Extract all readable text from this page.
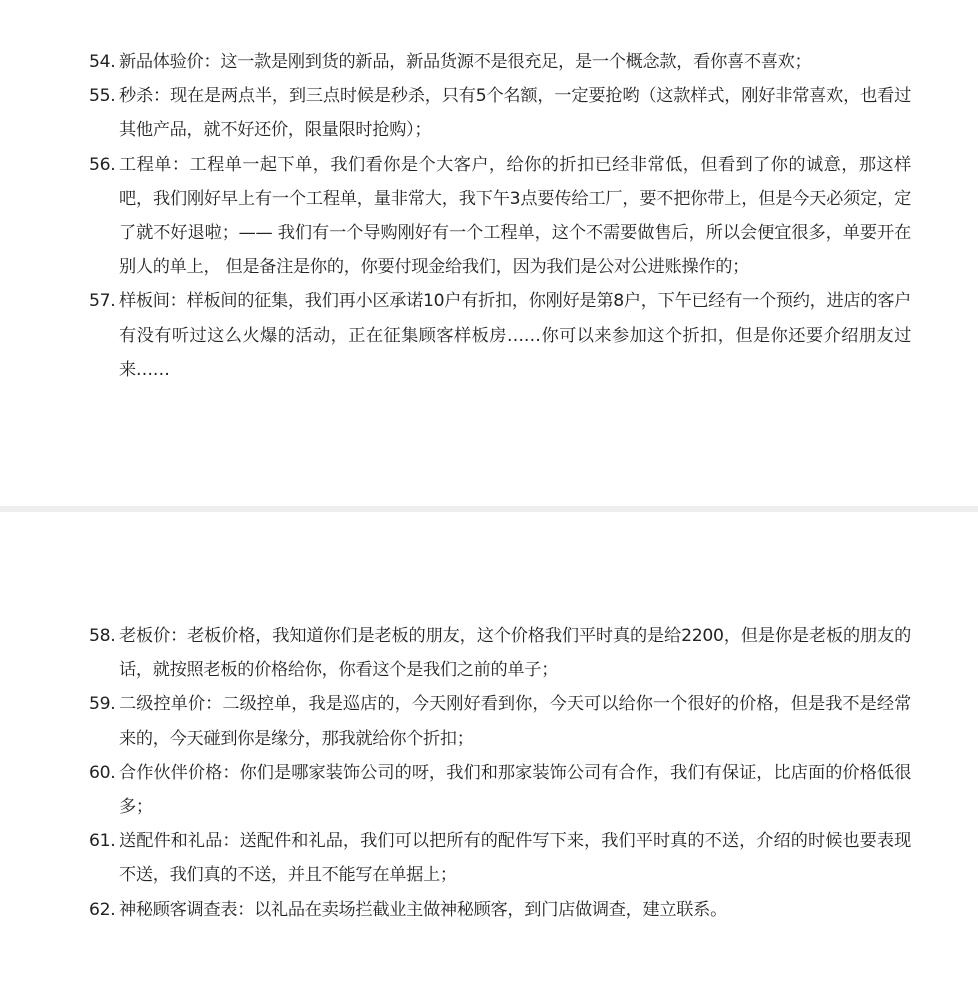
54. 新品体验价：这一款是刚到货的新品，新品货源不是很充足，是一个概念款，看你喜不喜欢；
55. 秒杀：现在是两点半，到三点时候是秒杀，只有5个名额，一定要抢哟（这款样式，刚好非常喜欢，也看过其他产品，就不好还价，限量限时抢购）；
56. 工程单：工程单一起下单，我们看你是个大客户，给你的折扣已经非常低，但看到了你的诚意，那这样吧，我们刚好早上有一个工程单，量非常大，我下午3点要传给工厂，要不把你带上，但是今天必须定，定了就不好退啦；—— 我们有一个导购刚好有一个工程单，这个不需要做售后，所以会便宜很多，单要开在别人的单上， 但是备注是你的，你要付现金给我们，因为我们是公对公进账操作的；
57. 样板间：样板间的征集，我们再小区承诺10户有折扣，你刚好是第8户，下午已经有一个预约，进店的客户有没有听过这么火爆的活动，正在征集顾客样板房……你可以来参加这个折扣，但是你还要介绍朋友过来……
58. 老板价：老板价格，我知道你们是老板的朋友，这个价格我们平时真的是给2200，但是你是老板的朋友的话，就按照老板的价格给你，你看这个是我们之前的单子；
59. 二级控单价：二级控单，我是巡店的，今天刚好看到你，今天可以给你一个很好的价格，但是我不是经常来的，今天碰到你是缘分，那我就给你个折扣；
60. 合作伙伴价格：你们是哪家装饰公司的呀，我们和那家装饰公司有合作，我们有保证，比店面的价格低很多；
61. 送配件和礼品：送配件和礼品，我们可以把所有的配件写下来，我们平时真的不送，介绍的时候也要表现不送，我们真的不送，并且不能写在单据上；
62. 神秘顾客调查表：以礼品在卖场拦截业主做神秘顾客，到门店做调查，建立联系。
